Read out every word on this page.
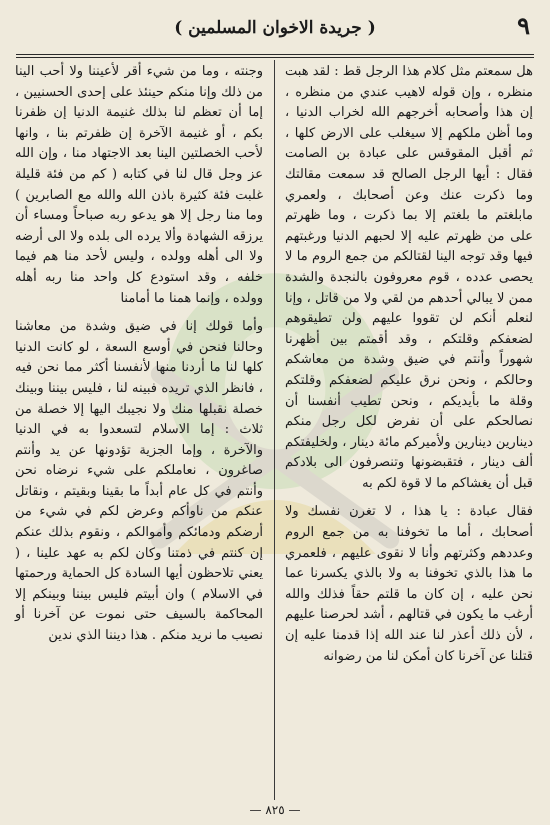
٩
( جريدة الاخوان المسلمين )

هل سمعتم مثل كلام هذا الرجل قط : لقد هبت منظره ، وإن قوله لاهيب عندي من منظره ، إن هذا وأصحابه أخرجهم الله لخراب الدنيا ، وما أظن ملكهم إلا سيغلب على الارض كلها ، ثم أقبل المقوقس على عبادة بن الصامت فقال : أيها الرجل الصالح قد سمعت مقالتك وما ذكرت عنك وعن أصحابك ، ولعمري مابلغتم ما بلغتم إلا بما ذكرت ، وما ظهرتم على من ظهرتم عليه إلا لحبهم الدنيا ورغبتهم فيها وقد توجه الينا لقتالكم من جمع الروم ما لا يحصى عدده ، قوم معروفون بالنجدة والشدة ممن لا يبالي أحدهم من لقي ولا من قاتل ، وإنا لنعلم أنكم لن تقووا عليهم ولن تطيقوهم لضعفكم وقلتكم ، وقد أقمتم بين أظهرنا شهوراً وأنتم في ضيق وشدة من معاشكم وحالكم ، ونحن نرق عليكم لضعفكم وقلتكم وقلة ما بأيديكم ، ونحن تطيب أنفسنا أن نصالحكم على أن نفرض لكل رجل منكم دينارين دينارين ولأميركم مائة دينار ، ولخليفتكم ألف دينار ، فتقبضونها وتنصرفون الى بلادكم قبل أن يغشاكم ما لا قوة لكم به

فقال عبادة : يا هذا ، لا تغرن نفسك ولا أصحابك ، أما ما تخوفنا به من جمع الروم وعددهم وكثرتهم وأنا لا نقوى عليهم ، فلعمري ما هذا بالذي تخوفنا به ولا بالذي يكسرنا عما نحن عليه ، إن كان ما قلتم حقاً فذلك والله أرغب ما يكون في قتالهم ، أشد لحرصنا عليهم ، لأن ذلك أعذر لنا عند الله إذا قدمنا عليه إن قتلنا عن آخرنا كان أمكن لنا من رضوانه

وجنته ، وما من شيء أقر لأعيننا ولا أحب الينا من ذلك وإنا منكم حينئذ على إحدى الحسنيين ، إما أن تعظم لنا بذلك غنيمة الدنيا إن ظفرنا بكم ، أو غنيمة الآخرة إن ظفرتم بنا ، وانها لأحب الخصلتين الينا بعد الاجتهاد منا ، وإن الله عز وجل قال لنا في كتابه ( كم من فئة قليلة غلبت فئة كثيرة باذن الله والله مع الصابرين ) وما منا رجل إلا هو يدعو ربه صباحاً ومساء أن يرزقه الشهادة وألا يرده الى بلده ولا الى أرضه ولا الى أهله وولده ، وليس لأحد منا هم فيما خلفه ، وقد استودع كل واحد منا ربه أهله وولده ، وإنما همنا ما أمامنا

وأما قولك إنا في ضيق وشدة من معاشنا وحالنا فنحن في أوسع السعة ، لو كانت الدنيا كلها لنا ما أردنا منها لأنفسنا أكثر مما نحن فيه ، فانظر الذي تريده فبينه لنا ، فليس بيننا وبينك خصلة نقبلها منك ولا نجيبك اليها إلا خصلة من ثلاث : إما الاسلام لتسعدوا به في الدنيا والآخرة ، وإما الجزية تؤدونها عن يد وأنتم صاغرون ، نعاملكم على شيء نرضاه نحن وأنتم في كل عام أبداً ما بقينا وبقيتم ، ونقاتل عنكم من ناوأكم وعرض لكم في شيء من أرضكم ودمائكم وأموالكم ، ونقوم بذلك عنكم إن كنتم في ذمتنا وكان لكم به عهد علينا ، ( يعني تلاحظون أيها السادة كل الحماية ورحمتها في الاسلام ) وان أبيتم فليس بيننا وبينكم إلا المحاكمة بالسيف حتى نموت عن آخرنا أو نصيب ما نريد منكم . هذا ديننا الذي ندين

— ٨٢٥ —
